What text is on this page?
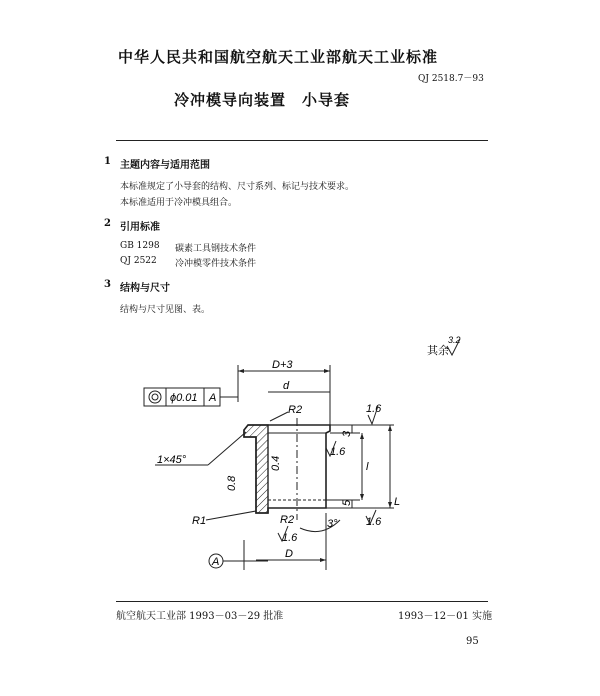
中华人民共和国航空航天工业部航天工业标准
QJ 2518.7－93
冷冲模导向装置　小导套
1 主题内容与适用范围
本标准规定了小导套的结构、尺寸系列、标记与技术要求。
本标准适用于冷冲模具组合。
2 引用标准
GB 1298 碳素工具钢技术条件
QJ 2522 冷冲模零件技术条件
3 结构与尺寸
结构与尺寸见图、表。
其余
3.2
D+3
d
ϕ0.01 A
R2
1×45°
0.8
0.4
1.6
1.6
1.6
1.6
3
5
l
L
R1	R2	3°
A
D
航空航天工业部 1993－03－29 批准	1993－12－01 实施
95
